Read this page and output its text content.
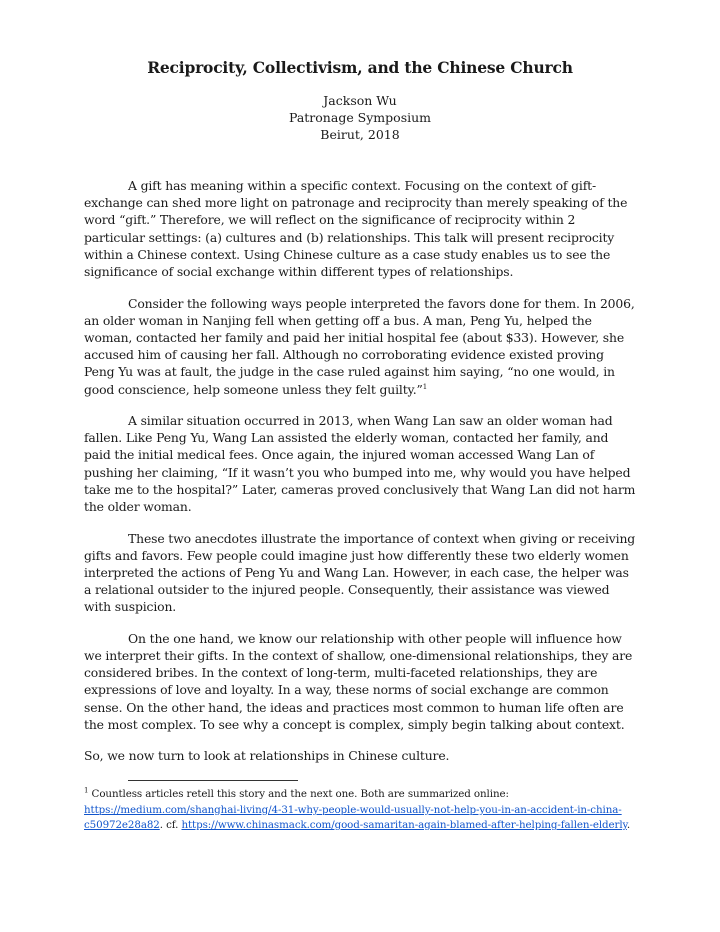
Reciprocity, Collectivism, and the Chinese Church
Jackson Wu
Patronage Symposium
Beirut, 2018

A gift has meaning within a specific context. Focusing on the context of gift-exchange can shed more light on patronage and reciprocity than merely speaking of the word “gift.” Therefore, we will reflect on the significance of reciprocity within 2 particular settings: (a) cultures and (b) relationships. This talk will present reciprocity within a Chinese context. Using Chinese culture as a case study enables us to see the significance of social exchange within different types of relationships.

Consider the following ways people interpreted the favors done for them. In 2006, an older woman in Nanjing fell when getting off a bus. A man, Peng Yu, helped the woman, contacted her family and paid her initial hospital fee (about $33). However, she accused him of causing her fall. Although no corroborating evidence existed proving Peng Yu was at fault, the judge in the case ruled against him saying, “no one would, in good conscience, help someone unless they felt guilty.”$^1$

A similar situation occurred in 2013, when Wang Lan saw an older woman had fallen. Like Peng Yu, Wang Lan assisted the elderly woman, contacted her family, and paid the initial medical fees. Once again, the injured woman accessed Wang Lan of pushing her claiming, “If it wasn’t you who bumped into me, why would you have helped take me to the hospital?” Later, cameras proved conclusively that Wang Lan did not harm the older woman.

These two anecdotes illustrate the importance of context when giving or receiving gifts and favors. Few people could imagine just how differently these two elderly women interpreted the actions of Peng Yu and Wang Lan. However, in each case, the helper was a relational outsider to the injured people. Consequently, their assistance was viewed with suspicion.

On the one hand, we know our relationship with other people will influence how we interpret their gifts. In the context of shallow, one-dimensional relationships, they are considered bribes. In the context of long-term, multi-faceted relationships, they are expressions of love and loyalty. In a way, these norms of social exchange are common sense. On the other hand, the ideas and practices most common to human life often are the most complex. To see why a concept is complex, simply begin talking about context.

So, we now turn to look at relationships in Chinese culture.

$^1$ Countless articles retell this story and the next one. Both are summarized online: https://medium.com/shanghai-living/4-31-why-people-would-usually-not-help-you-in-an-accident-in-china-c50972e28a82. cf. https://www.chinasmack.com/good-samaritan-again-blamed-after-helping-fallen-elderly.
